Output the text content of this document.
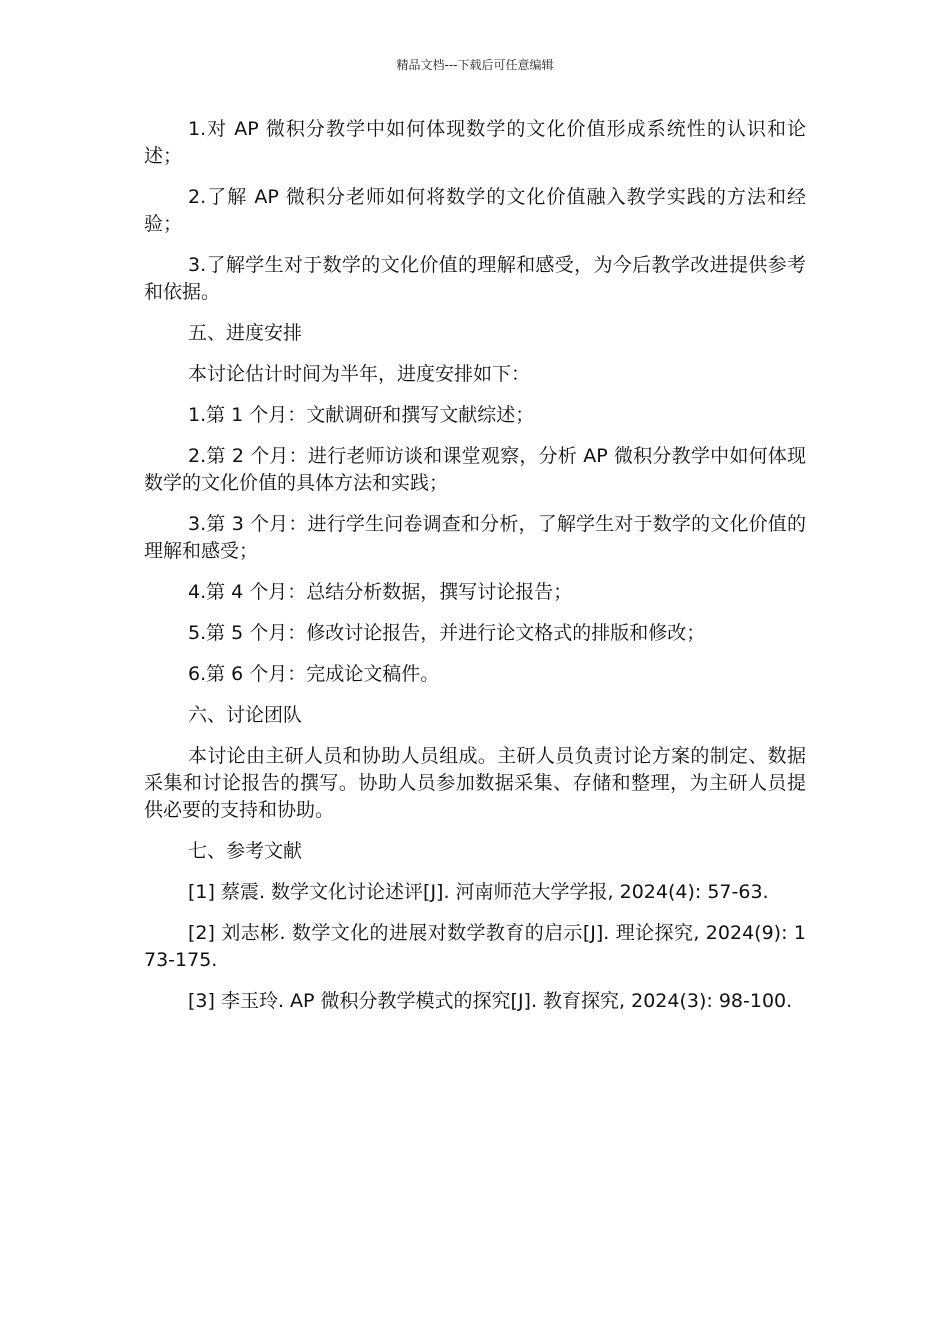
精品文档---下载后可任意编辑

1.对 AP 微积分教学中如何体现数学的文化价值形成系统性的认识和论述；

2.了解 AP 微积分老师如何将数学的文化价值融入教学实践的方法和经验；

3.了解学生对于数学的文化价值的理解和感受，为今后教学改进提供参考和依据。

五、进度安排

本讨论估计时间为半年，进度安排如下：

1.第 1 个月：文献调研和撰写文献综述；

2.第 2 个月：进行老师访谈和课堂观察，分析 AP 微积分教学中如何体现数学的文化价值的具体方法和实践；

3.第 3 个月：进行学生问卷调查和分析，了解学生对于数学的文化价值的理解和感受；

4.第 4 个月：总结分析数据，撰写讨论报告；

5.第 5 个月：修改讨论报告，并进行论文格式的排版和修改；

6.第 6 个月：完成论文稿件。

六、讨论团队

本讨论由主研人员和协助人员组成。主研人员负责讨论方案的制定、数据采集和讨论报告的撰写。协助人员参加数据采集、存储和整理，为主研人员提供必要的支持和协助。

七、参考文献

[1] 蔡震. 数学文化讨论述评[J]. 河南师范大学学报, 2024(4): 57-63.

[2] 刘志彬. 数学文化的进展对数学教育的启示[J]. 理论探究, 2024(9): 173-175.

[3] 李玉玲. AP 微积分教学模式的探究[J]. 教育探究, 2024(3): 98-100.
